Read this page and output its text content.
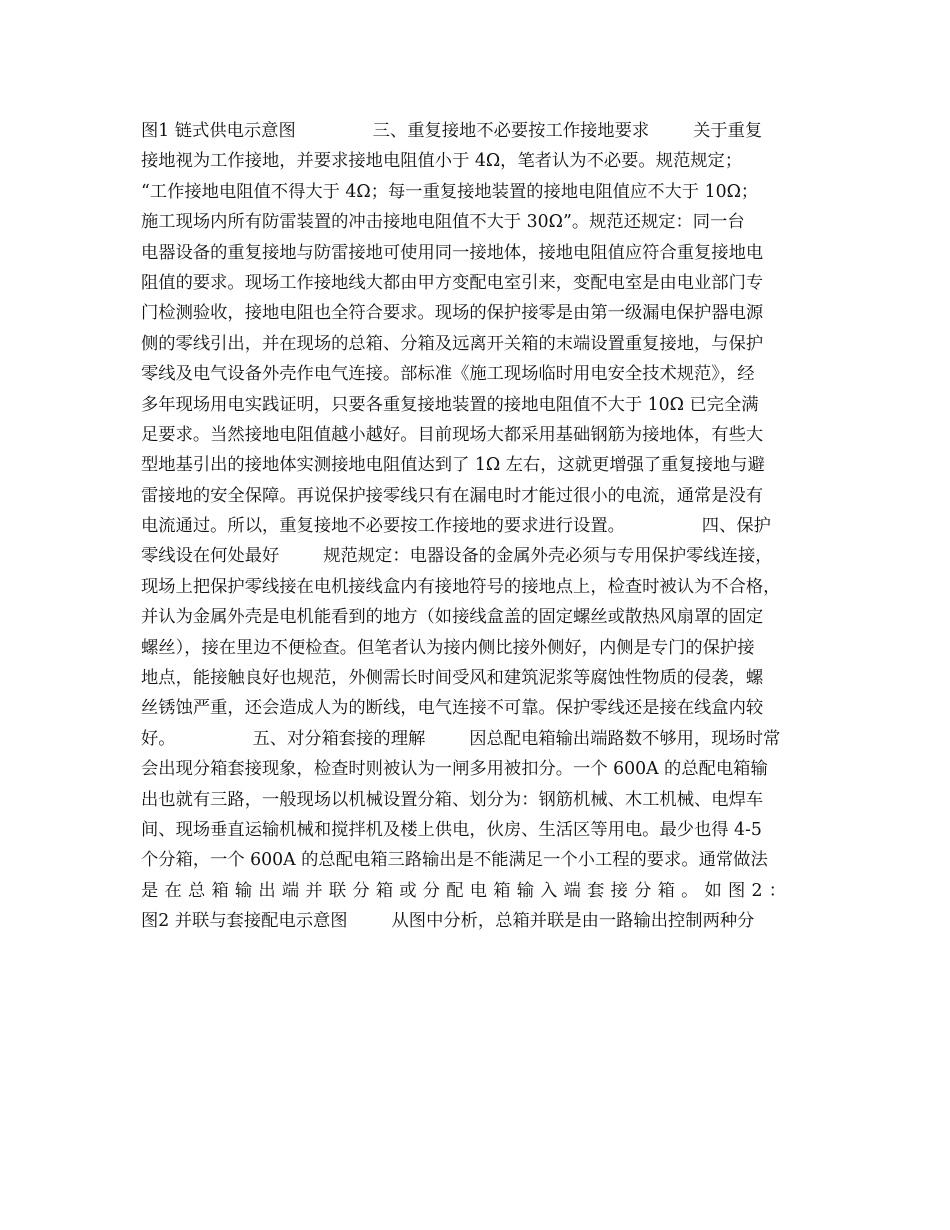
图1 链式供电示意图              三、重复接地不必要按工作接地要求        关于重复
接地视为工作接地，并要求接地电阻值小于 4Ω，笔者认为不必要。规范规定；
“工作接地电阻值不得大于 4Ω；每一重复接地装置的接地电阻值应不大于 10Ω；
施工现场内所有防雷装置的冲击接地电阻值不大于 30Ω”。规范还规定：同一台
电器设备的重复接地与防雷接地可使用同一接地体，接地电阻值应符合重复接地电
阻值的要求。现场工作接地线大都由甲方变配电室引来，变配电室是由电业部门专
门检测验收，接地电阻也全符合要求。现场的保护接零是由第一级漏电保护器电源
侧的零线引出，并在现场的总箱、分箱及远离开关箱的末端设置重复接地，与保护
零线及电气设备外壳作电气连接。部标准《施工现场临时用电安全技术规范》，经
多年现场用电实践证明，只要各重复接地装置的接地电阻值不大于 10Ω 已完全满
足要求。当然接地电阻值越小越好。目前现场大都采用基础钢筋为接地体，有些大
型地基引出的接地体实测接地电阻值达到了 1Ω 左右，这就更增强了重复接地与避
雷接地的安全保障。再说保护接零线只有在漏电时才能过很小的电流，通常是没有
电流通过。所以，重复接地不必要按工作接地的要求进行设置。              四、保护
零线设在何处最好        规范规定：电器设备的金属外壳必须与专用保护零线连接，
现场上把保护零线接在电机接线盒内有接地符号的接地点上，检查时被认为不合格，
并认为金属外壳是电机能看到的地方（如接线盒盖的固定螺丝或散热风扇罩的固定
螺丝），接在里边不便检查。但笔者认为接内侧比接外侧好，内侧是专门的保护接
地点，能接触良好也规范，外侧需长时间受风和建筑泥浆等腐蚀性物质的侵袭，螺
丝锈蚀严重，还会造成人为的断线，电气连接不可靠。保护零线还是接在线盒内较
好。              五、对分箱套接的理解        因总配电箱输出端路数不够用，现场时常
会出现分箱套接现象，检查时则被认为一闸多用被扣分。一个 600A 的总配电箱输
出也就有三路，一般现场以机械设置分箱、划分为：钢筋机械、木工机械、电焊车
间、现场垂直运输机械和搅拌机及楼上供电，伙房、生活区等用电。最少也得 4-5
个分箱，一个 600A 的总配电箱三路输出是不能满足一个小工程的要求。通常做法
是在总箱输出端并联分箱或分配电箱输入端套接分箱。如图2：
图2 并联与套接配电示意图        从图中分析，总箱并联是由一路输出控制两种分
